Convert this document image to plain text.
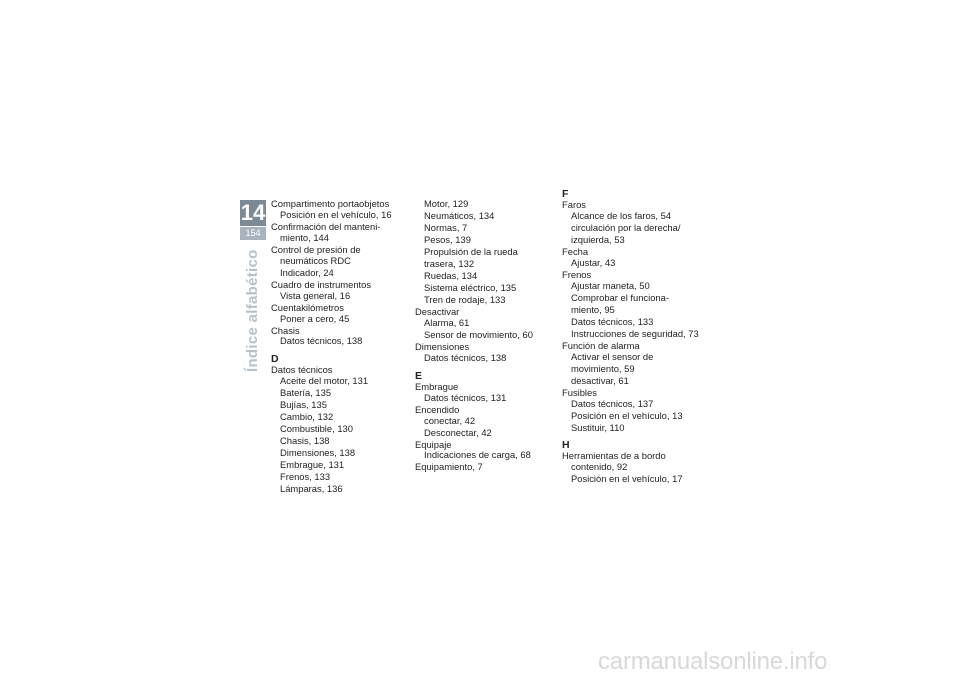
14
154
Índice alfabético
Compartimento portaobjetos
Posición en el vehículo, 16
Confirmación del manteni-
miento, 144
Control de presión de
neumáticos RDC
Indicador, 24
Cuadro de instrumentos
Vista general, 16
Cuentakilómetros
Poner a cero, 45
Chasis
Datos técnicos, 138
D
Datos técnicos
Aceite del motor, 131
Batería, 135
Bujías, 135
Cambio, 132
Combustible, 130
Chasis, 138
Dimensiones, 138
Embrague, 131
Frenos, 133
Lámparas, 136
Motor, 129
Neumáticos, 134
Normas, 7
Pesos, 139
Propulsión de la rueda
trasera, 132
Ruedas, 134
Sistema eléctrico, 135
Tren de rodaje, 133
Desactivar
Alarma, 61
Sensor de movimiento, 60
Dimensiones
Datos técnicos, 138
E
Embrague
Datos técnicos, 131
Encendido
conectar, 42
Desconectar, 42
Equipaje
Indicaciones de carga, 68
Equipamiento, 7
F
Faros
Alcance de los faros, 54
circulación por la derecha/
izquierda, 53
Fecha
Ajustar, 43
Frenos
Ajustar maneta, 50
Comprobar el funciona-
miento, 95
Datos técnicos, 133
Instrucciones de seguridad, 73
Función de alarma
Activar el sensor de
movimiento, 59
desactivar, 61
Fusibles
Datos técnicos, 137
Posición en el vehículo, 13
Sustituir, 110
H
Herramientas de a bordo
contenido, 92
Posición en el vehículo, 17
carmanualsonline.info
